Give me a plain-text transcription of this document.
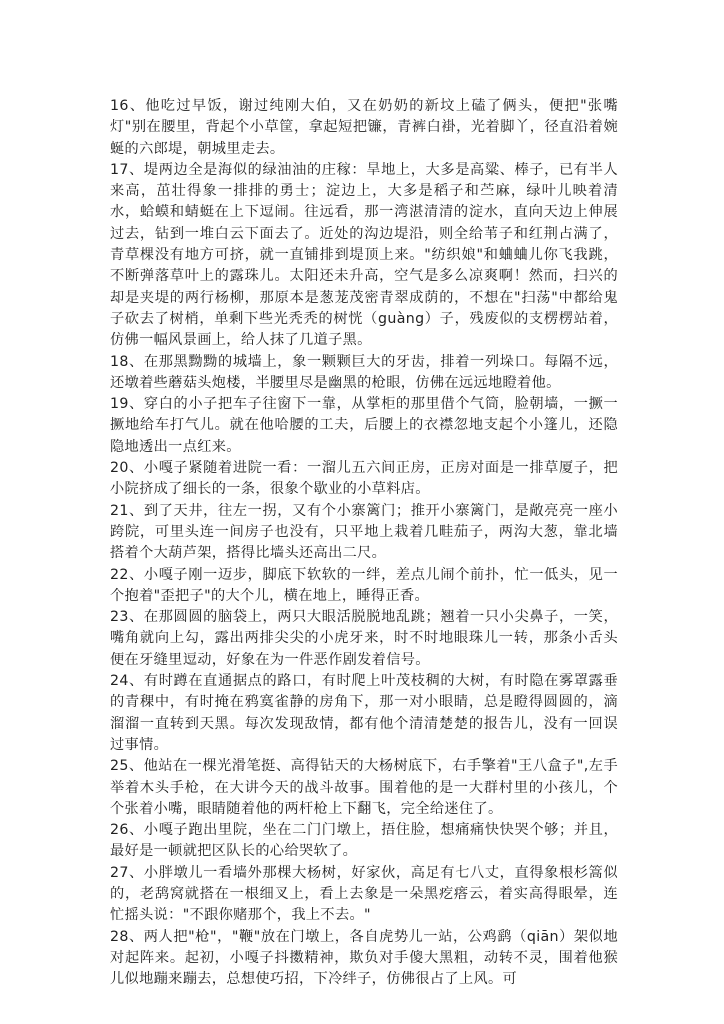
16、他吃过早饭，谢过纯刚大伯，又在奶奶的新坟上磕了俩头，便把"张嘴灯"别在腰里，背起个小草筐，拿起短把镰，青裤白褂，光着脚丫，径直沿着婉蜒的六郎堤，朝城里走去。

17、堤两边全是海似的绿油油的庄稼：旱地上，大多是高粱、棒子，已有半人来高，茁壮得象一排排的勇士；淀边上，大多是稻子和苎麻，绿叶儿映着清水，蛤蟆和蜻蜓在上下逗闹。往远看，那一湾湛清清的淀水，直向天边上伸展过去，钻到一堆白云下面去了。近处的沟边堤沿，则全给苇子和红荆占满了，青草棵没有地方可挤，就一直铺排到堤顶上来。"纺织娘"和蛐蛐儿你飞我跳，不断弹落草叶上的露珠儿。太阳还未升高，空气是多么凉爽啊！然而，扫兴的却是夹堤的两行杨柳，那原本是葱茏茂密青翠成荫的，不想在"扫荡"中都给鬼子砍去了树梢，单剩下些光秃秃的树恍（guàng）子，残废似的支楞楞站着，仿佛一幅风景画上，给人抹了几道子黑。

18、在那黑黝黝的城墙上，象一颗颗巨大的牙齿，排着一列垛口。每隔不远，还墩着些蘑菇头炮楼，半腰里尽是幽黑的枪眼，仿佛在远远地瞪着他。

19、穿白的小子把车子往窗下一靠，从掌柜的那里借个气筒，脸朝墙，一撅一撅地给车打气儿。就在他哈腰的工夫，后腰上的衣襟忽地支起个小篷儿，还隐隐地透出一点红来。

20、小嘎子紧随着进院一看：一溜儿五六间正房，正房对面是一排草厦子，把小院挤成了细长的一条，很象个歇业的小草料店。

21、到了天井，往左一拐，又有个小寨篱门；推开小寨篱门，是敞亮亮一座小跨院，可里头连一间房子也没有，只平地上栽着几畦茄子，两沟大葱，靠北墙搭着个大葫芦架，搭得比墙头还高出二尺。

22、小嘎子刚一迈步，脚底下软软的一绊，差点儿闹个前扑，忙一低头，见一个抱着"歪把子"的大个儿，横在地上，睡得正香。

23、在那圆圆的脑袋上，两只大眼活脱脱地乱跳；翘着一只小尖鼻子，一笑，嘴角就向上勾，露出两排尖尖的小虎牙来，时不时地眼珠儿一转，那条小舌头便在牙缝里逗动，好象在为一件恶作剧发着信号。

24、有时蹲在直通据点的路口，有时爬上叶茂枝稠的大树，有时隐在雾罩露垂的青稞中，有时掩在鸦寞雀静的房角下，那一对小眼睛，总是瞪得圆圆的，滴溜溜一直转到天黑。每次发现敌情，都有他个清清楚楚的报告儿，没有一回误过事情。

25、他站在一棵光滑笔挺、高得钻天的大杨树底下，右手擎着"王八盒子",左手举着木头手枪，在大讲今天的战斗故事。围着他的是一大群村里的小孩儿，个个张着小嘴，眼睛随着他的两杆枪上下翻飞，完全给迷住了。

26、小嘎子跑出里院，坐在二门门墩上，捂住脸，想痛痛快快哭个够；并且，最好是一顿就把区队长的心给哭软了。

27、小胖墩儿一看墙外那棵大杨树，好家伙，高足有七八丈，直得象根杉篙似的，老鸹窝就搭在一根细叉上，看上去象是一朵黑疙瘩云，着实高得眼晕，连忙摇头说："不跟你赌那个，我上不去。"

28、两人把"枪"，"鞭"放在门墩上，各自虎势儿一站，公鸡鹞（qiān）架似地对起阵来。起初，小嘎子抖擞精神，欺负对手傻大黑粗，动转不灵，围着他猴儿似地蹦来蹦去，总想使巧招，下冷绊子，仿佛很占了上风。可
